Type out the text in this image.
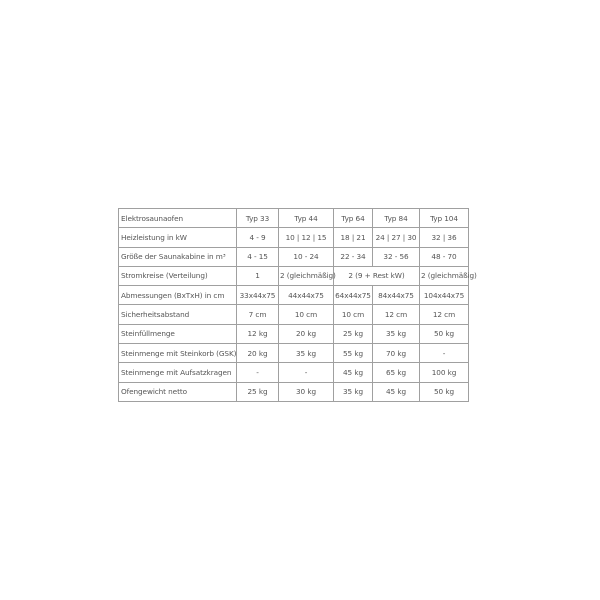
Elektrosaunaofen	Typ 33	Typ 44	Typ 64	Typ 84	Typ 104
Heizleistung in kW	4 - 9	10 | 12 | 15	18 | 21	24 | 27 | 30	32 | 36
Größe der Saunakabine in m³	4 - 15	10 - 24	22 - 34	32 - 56	48 - 70
Stromkreise (Verteilung)	1	2 (gleichmäßig)	2 (9 + Rest kW)		2 (gleichmäßig)
Abmessungen (BxTxH) in cm	33x44x75	44x44x75	64x44x75	84x44x75	104x44x75
Sicherheitsabstand	7 cm	10 cm	10 cm	12 cm	12 cm
Steinfüllmenge	12 kg	20 kg	25 kg	35 kg	50 kg
Steinmenge mit Steinkorb (GSK)	20 kg	35 kg	55 kg	70 kg	-
Steinmenge mit Aufsatzkragen	-	-	45 kg	65 kg	100 kg
Ofengewicht netto	25 kg	30 kg	35 kg	45 kg	50 kg
